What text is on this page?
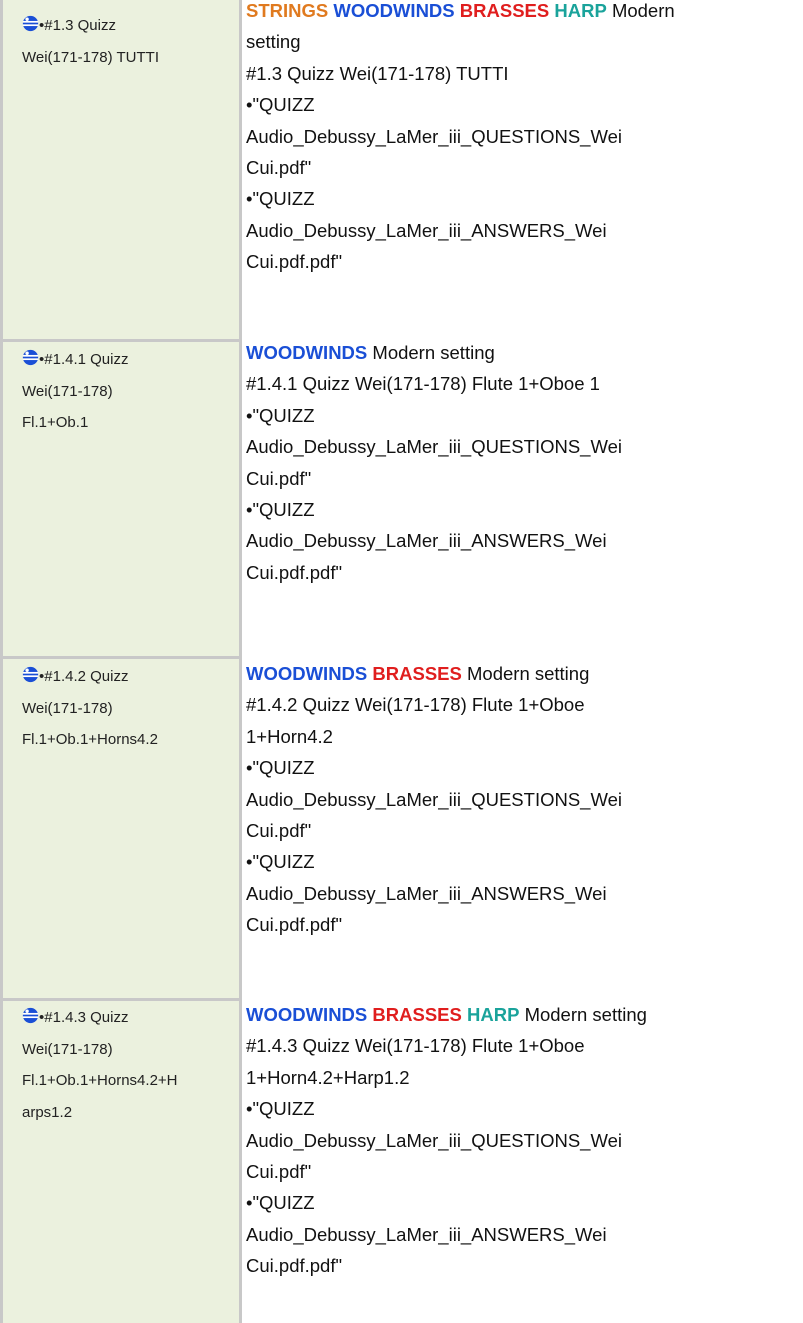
•#1.3 Quizz
Wei(171-178) TUTTI
STRINGS WOODWINDS BRASSES HARP Modern
setting
#1.3 Quizz Wei(171-178) TUTTI
•"QUIZZ
Audio_Debussy_LaMer_iii_QUESTIONS_Wei
Cui.pdf"
•"QUIZZ
Audio_Debussy_LaMer_iii_ANSWERS_Wei
Cui.pdf.pdf"
•#1.4.1 Quizz
Wei(171-178)
Fl.1+Ob.1
WOODWINDS Modern setting
#1.4.1 Quizz Wei(171-178) Flute 1+Oboe 1
•"QUIZZ
Audio_Debussy_LaMer_iii_QUESTIONS_Wei
Cui.pdf"
•"QUIZZ
Audio_Debussy_LaMer_iii_ANSWERS_Wei
Cui.pdf.pdf"
•#1.4.2 Quizz
Wei(171-178)
Fl.1+Ob.1+Horns4.2
WOODWINDS BRASSES Modern setting
#1.4.2 Quizz Wei(171-178) Flute 1+Oboe
1+Horn4.2
•"QUIZZ
Audio_Debussy_LaMer_iii_QUESTIONS_Wei
Cui.pdf"
•"QUIZZ
Audio_Debussy_LaMer_iii_ANSWERS_Wei
Cui.pdf.pdf"
•#1.4.3 Quizz
Wei(171-178)
Fl.1+Ob.1+Horns4.2+H
arps1.2
WOODWINDS BRASSES HARP Modern setting
#1.4.3 Quizz Wei(171-178) Flute 1+Oboe
1+Horn4.2+Harp1.2
•"QUIZZ
Audio_Debussy_LaMer_iii_QUESTIONS_Wei
Cui.pdf"
•"QUIZZ
Audio_Debussy_LaMer_iii_ANSWERS_Wei
Cui.pdf.pdf"
